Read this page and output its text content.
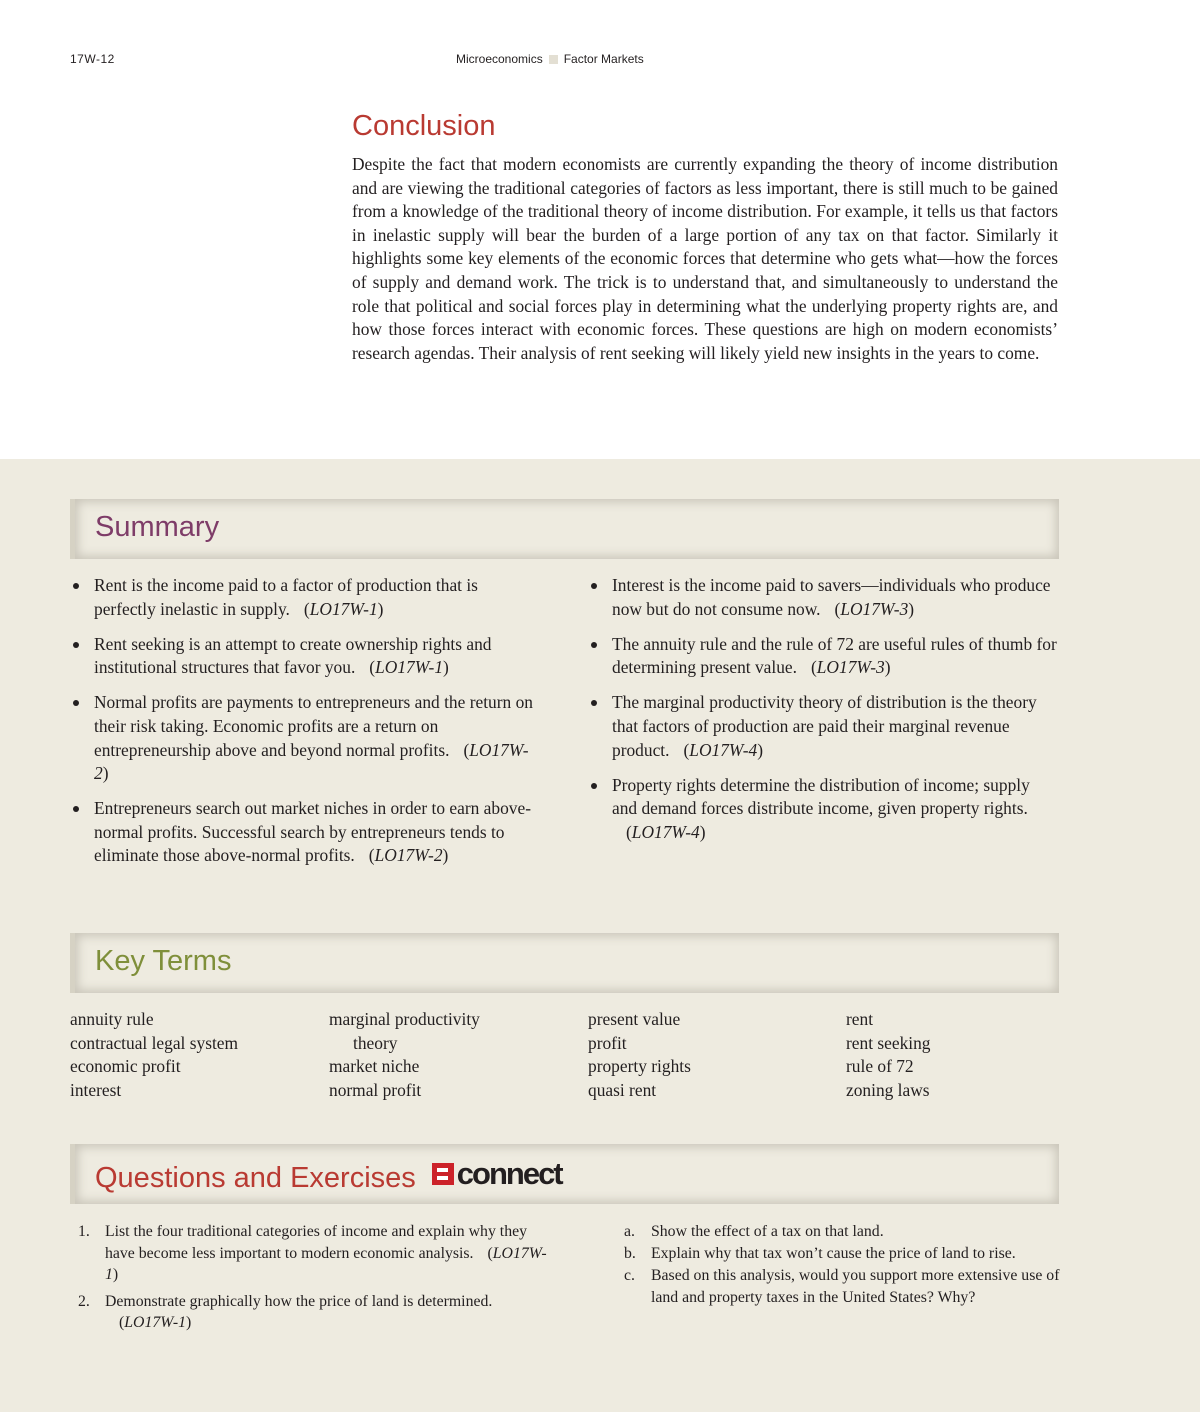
17W-12	Microeconomics Factor Markets
Conclusion

Despite the fact that modern economists are currently expanding the theory of income distribution and are viewing the traditional categories of factors as less important, there is still much to be gained from a knowledge of the traditional theory of income distribution. For example, it tells us that factors in inelastic supply will bear the burden of a large portion of any tax on that factor. Similarly it highlights some key elements of the economic forces that determine who gets what—how the forces of supply and demand work. The trick is to understand that, and simultaneously to understand the role that political and social forces play in determining what the underlying property rights are, and how those forces interact with economic forces. These questions are high on modern economists’ research agendas. Their analysis of rent seeking will likely yield new insights in the years to come.

Summary
Rent is the income paid to a factor of production that is perfectly inelastic in supply. ( LO17W-1 )
Rent seeking is an attempt to create ownership rights and institutional structures that favor you. ( LO17W-1 )
Normal profits are payments to entrepreneurs and the return on their risk taking. Economic profits are a return on entrepreneurship above and beyond normal profits. ( LO17W-2 )
Entrepreneurs search out market niches in order to earn above-normal profits. Successful search by entrepreneurs tends to eliminate those above-normal profits. ( LO17W-2 )
Interest is the income paid to savers—individuals who produce now but do not consume now. ( LO17W-3 )
The annuity rule and the rule of 72 are useful rules of thumb for determining present value. ( LO17W-3 )
The marginal productivity theory of distribution is the theory that factors of production are paid their marginal revenue product. ( LO17W-4 )
Property rights determine the distribution of income; supply and demand forces distribute income, given property rights.( LO17W-4 )
Key Terms
annuity rule
contractual legal system
economic profit
interest
marginal productivity
theory
market niche
normal profit
present value
profit
property rights
quasi rent
rent
rent seeking
rule of 72
zoning laws
Questions and Exercises connect
1. List the four traditional categories of income and explain why they have become less important to modern economic analysis. ( LO17W-1 )
2. Demonstrate graphically how the price of land is determined.( LO17W-1 )
a. Show the effect of a tax on that land.
b. Explain why that tax won’t cause the price of land to rise.
c. Based on this analysis, would you support more extensive use of land and property taxes in the United States? Why?
